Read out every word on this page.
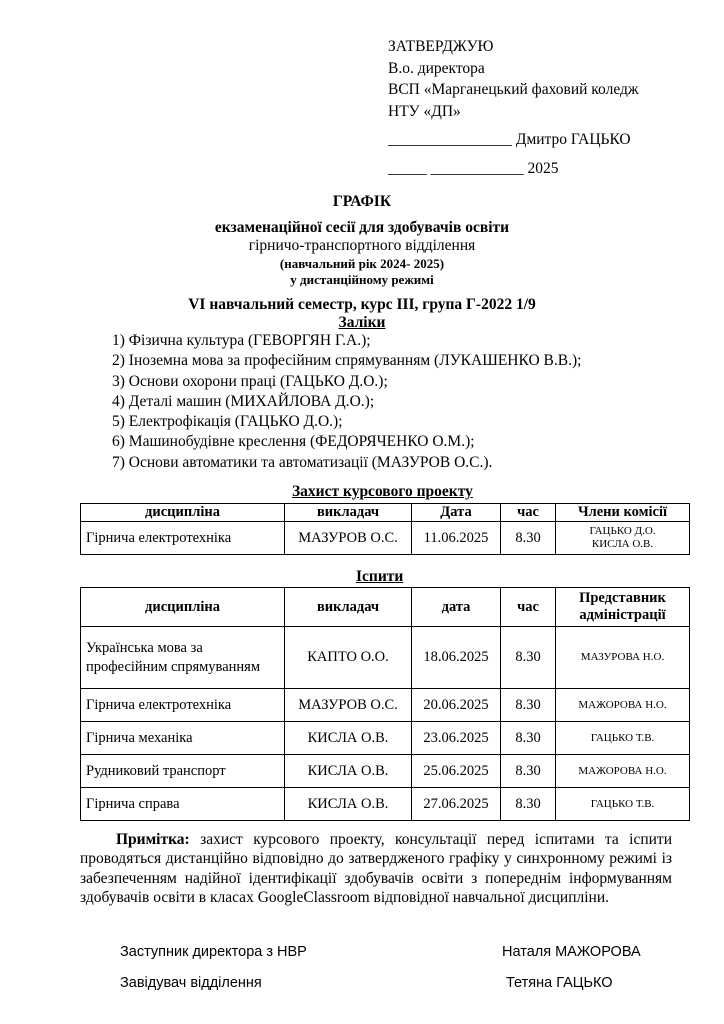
ЗАТВЕРДЖУЮ
В.о. директора
ВСП «Марганецький фаховий коледж
НТУ «ДП»
________________ Дмитро ГАЦЬКО
_____ ____________ 2025
ГРАФІК
екзаменаційної сесії для здобувачів освіти
гірничо-транспортного відділення
(навчальний рік 2024- 2025)
у дистанційному режимі
VI навчальний семестр, курс ІІІ, група Г-2022 1/9
Заліки
1) Фізична культура (ГЕВОРГЯН Г.А.);
2) Іноземна мова за професійним спрямуванням (ЛУКАШЕНКО В.В.);
3) Основи охорони праці (ГАЦЬКО Д.О.);
4) Деталі машин (МИХАЙЛОВА Д.О.);
5) Електрофікація (ГАЦЬКО Д.О.);
6) Машинобудівне креслення (ФЕДОРЯЧЕНКО О.М.);
7) Основи автоматики та автоматизації (МАЗУРОВ О.С.).
Захист курсового проекту
дисципліна	викладач	Дата	час	Члени комісії
Гірнича електротехніка	МАЗУРОВ О.С.	11.06.2025	8.30	ГАЦЬКО Д.О.
КИСЛА О.В.
Іспити
дисципліна	викладач	дата	час	Представник адміністрації
Українська мова за професійним спрямуванням	КАПТО О.О.	18.06.2025	8.30	МАЗУРОВА Н.О.
Гірнича електротехніка	МАЗУРОВ О.С.	20.06.2025	8.30	МАЖОРОВА Н.О.
Гірнича механіка	КИСЛА О.В.	23.06.2025	8.30	ГАЦЬКО Т.В.
Рудниковий транспорт	КИСЛА О.В.	25.06.2025	8.30	МАЖОРОВА Н.О.
Гірнича справа	КИСЛА О.В.	27.06.2025	8.30	ГАЦЬКО Т.В.
Примітка: захист курсового проекту, консультації перед іспитами та іспити проводяться дистанційно відповідно до затвердженого графіку у синхронному режимі із забезпеченням надійної ідентифікації здобувачів освіти з попереднім інформуванням здобувачів освіти в класах GoogleClassroom відповідної навчальної дисципліни.
Заступник директора з НВР	Наталя МАЖОРОВА
Завідувач відділення	Тетяна ГАЦЬКО
